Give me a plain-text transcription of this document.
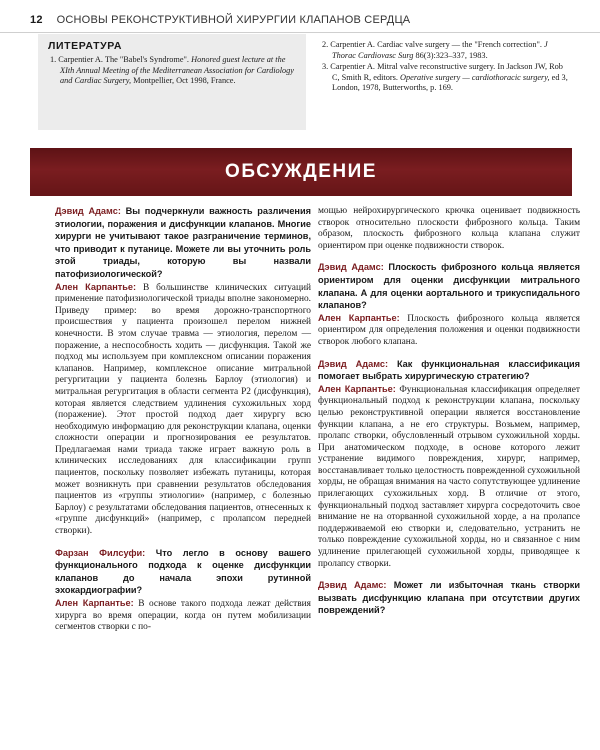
12 ОСНОВЫ РЕКОНСТРУКТИВНОЙ ХИРУРГИИ КЛАПАНОВ СЕРДЦА
ЛИТЕРАТУРА

1. Carpentier A. The "Babel's Syndrome". Honored guest lecture at the XIth Annual Meeting of the Mediterranean Association for Cardiology and Cardiac Surgery, Montpellier, Oct 1998, France.

2. Carpentier A. Cardiac valve surgery — the "French correction". J Thorac Cardiovasc Surg 86(3):323–337, 1983.

3. Carpentier A. Mitral valve reconstructive surgery. In Jackson JW, Rob C, Smith R, editors. Operative surgery — cardiothoracic surgery, ed 3, London, 1978, Butterworths, p. 169.

ОБСУЖДЕНИЕ

Дэвид Адамс: Вы подчеркнули важность различения этиологии, поражения и дисфункции клапанов. Многие хирурги не учитывают такое разграничение терминов, что приводит к путанице. Можете ли вы уточнить роль этой триады, которую вы назвали патофизиологической?

Ален Карпантье: В большинстве клинических ситуаций применение патофизиологической триады вполне закономерно. Приведу пример: во время дорожно-транспортного происшествия у пациента произошел перелом нижней конечности. В этом случае травма — этиология, перелом — поражение, а неспособность ходить — дисфункция. Такой же подход мы используем при комплексном описании поражения клапанов. Например, комплексное описание митральной регургитации у пациента болезнь Барлоу (этиология) и митральная регургитация в области сегмента P2 (дисфункция), которая является следствием удлинения сухожильных хорд (поражение). Этот простой подход дает хирургу всю необходимую информацию для реконструкции клапана, оценки сложности операции и прогнозирования ее результатов. Предлагаемая нами триада также играет важную роль в клинических исследованиях для классификации групп пациентов, поскольку позволяет избежать путаницы, которая может возникнуть при сравнении результатов обследования пациентов из «группы этиологии» (например, с болезнью Барлоу) с результатами обследования пациентов, отнесенных к «группе дисфункций» (например, с пролапсом передней створки).

Фарзан Филсуфи: Что легло в основу вашего функционального подхода к оценке дисфункции клапанов до начала эпохи рутинной эхокардиографии?

Ален Карпантье: В основе такого подхода лежат действия хирурга во время операции, когда он путем мобилизации сегментов створки с по-

мощью нейрохирургического крючка оценивает подвижность створок относительно плоскости фиброзного кольца. Таким образом, плоскость фиброзного кольца клапана служит ориентиром при оценке подвижности створок.

Дэвид Адамс: Плоскость фиброзного кольца является ориентиром для оценки дисфункции митрального клапана. А для оценки аортального и трикуспидального клапанов?

Ален Карпантье: Плоскость фиброзного кольца является ориентиром для определения положения и оценки подвижности створок любого клапана.

Дэвид Адамс: Как функциональная классификация помогает выбрать хирургическую стратегию?

Ален Карпантье: Функциональная классификация определяет функциональный подход к реконструкции клапана, поскольку целью реконструктивной операции является восстановление функции клапана, а не его структуры. Возьмем, например, пролапс створки, обусловленный отрывом сухожильной хорды. При анатомическом подходе, в основе которого лежит устранение видимого повреждения, хирург, например, восстанавливает только целостность поврежденной сухожильной хорды, не обращая внимания на часто сопутствующее удлинение прилегающих сухожильных хорд. В отличие от этого, функциональный подход заставляет хирурга сосредоточить свое внимание не на оторванной сухожильной хорде, а на пролапсе поддерживаемой ею створки и, следовательно, устранить не только повреждение сухожильной хорды, но и связанное с ним удлинение прилегающей сухожильной хорды, приводящее к пролапсу створки.

Дэвид Адамс: Может ли избыточная ткань створки вызвать дисфункцию клапана при отсутствии других повреждений?
